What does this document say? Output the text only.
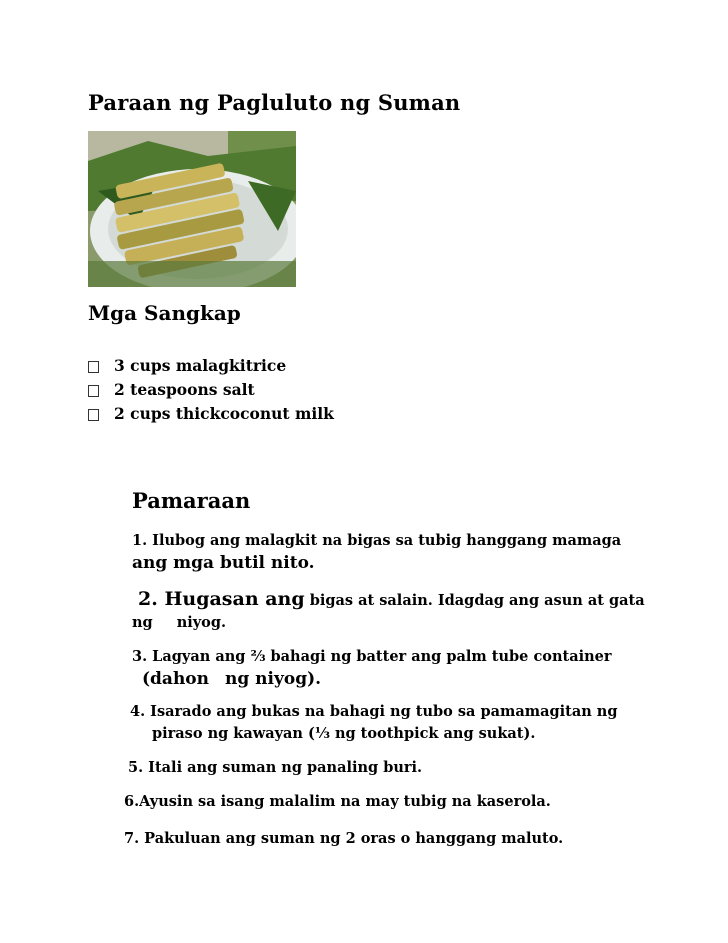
Paraan ng Pagluluto ng Suman
Mga Sangkap
3 cups malagkitrice
2 teaspoons salt
2 cups thickcoconut milk
Pamaraan
1. Ilubog ang malagkit na bigas sa tubig hanggang mamaga
ang mga butil nito.
2. Hugasan ang bigas at salain. Idagdag ang asun at gata
ng niyog.
3. Lagyan ang ⅔ bahagi ng batter ang palm tube container
(dahon ng niyog).
4. Isarado ang bukas na bahagi ng tubo sa pamamagitan ng
piraso ng kawayan (⅓ ng toothpick ang sukat).
5. Itali ang suman ng panaling buri.
6.Ayusin sa isang malalim na may tubig na kaserola.
7. Pakuluan ang suman ng 2 oras o hanggang maluto.
